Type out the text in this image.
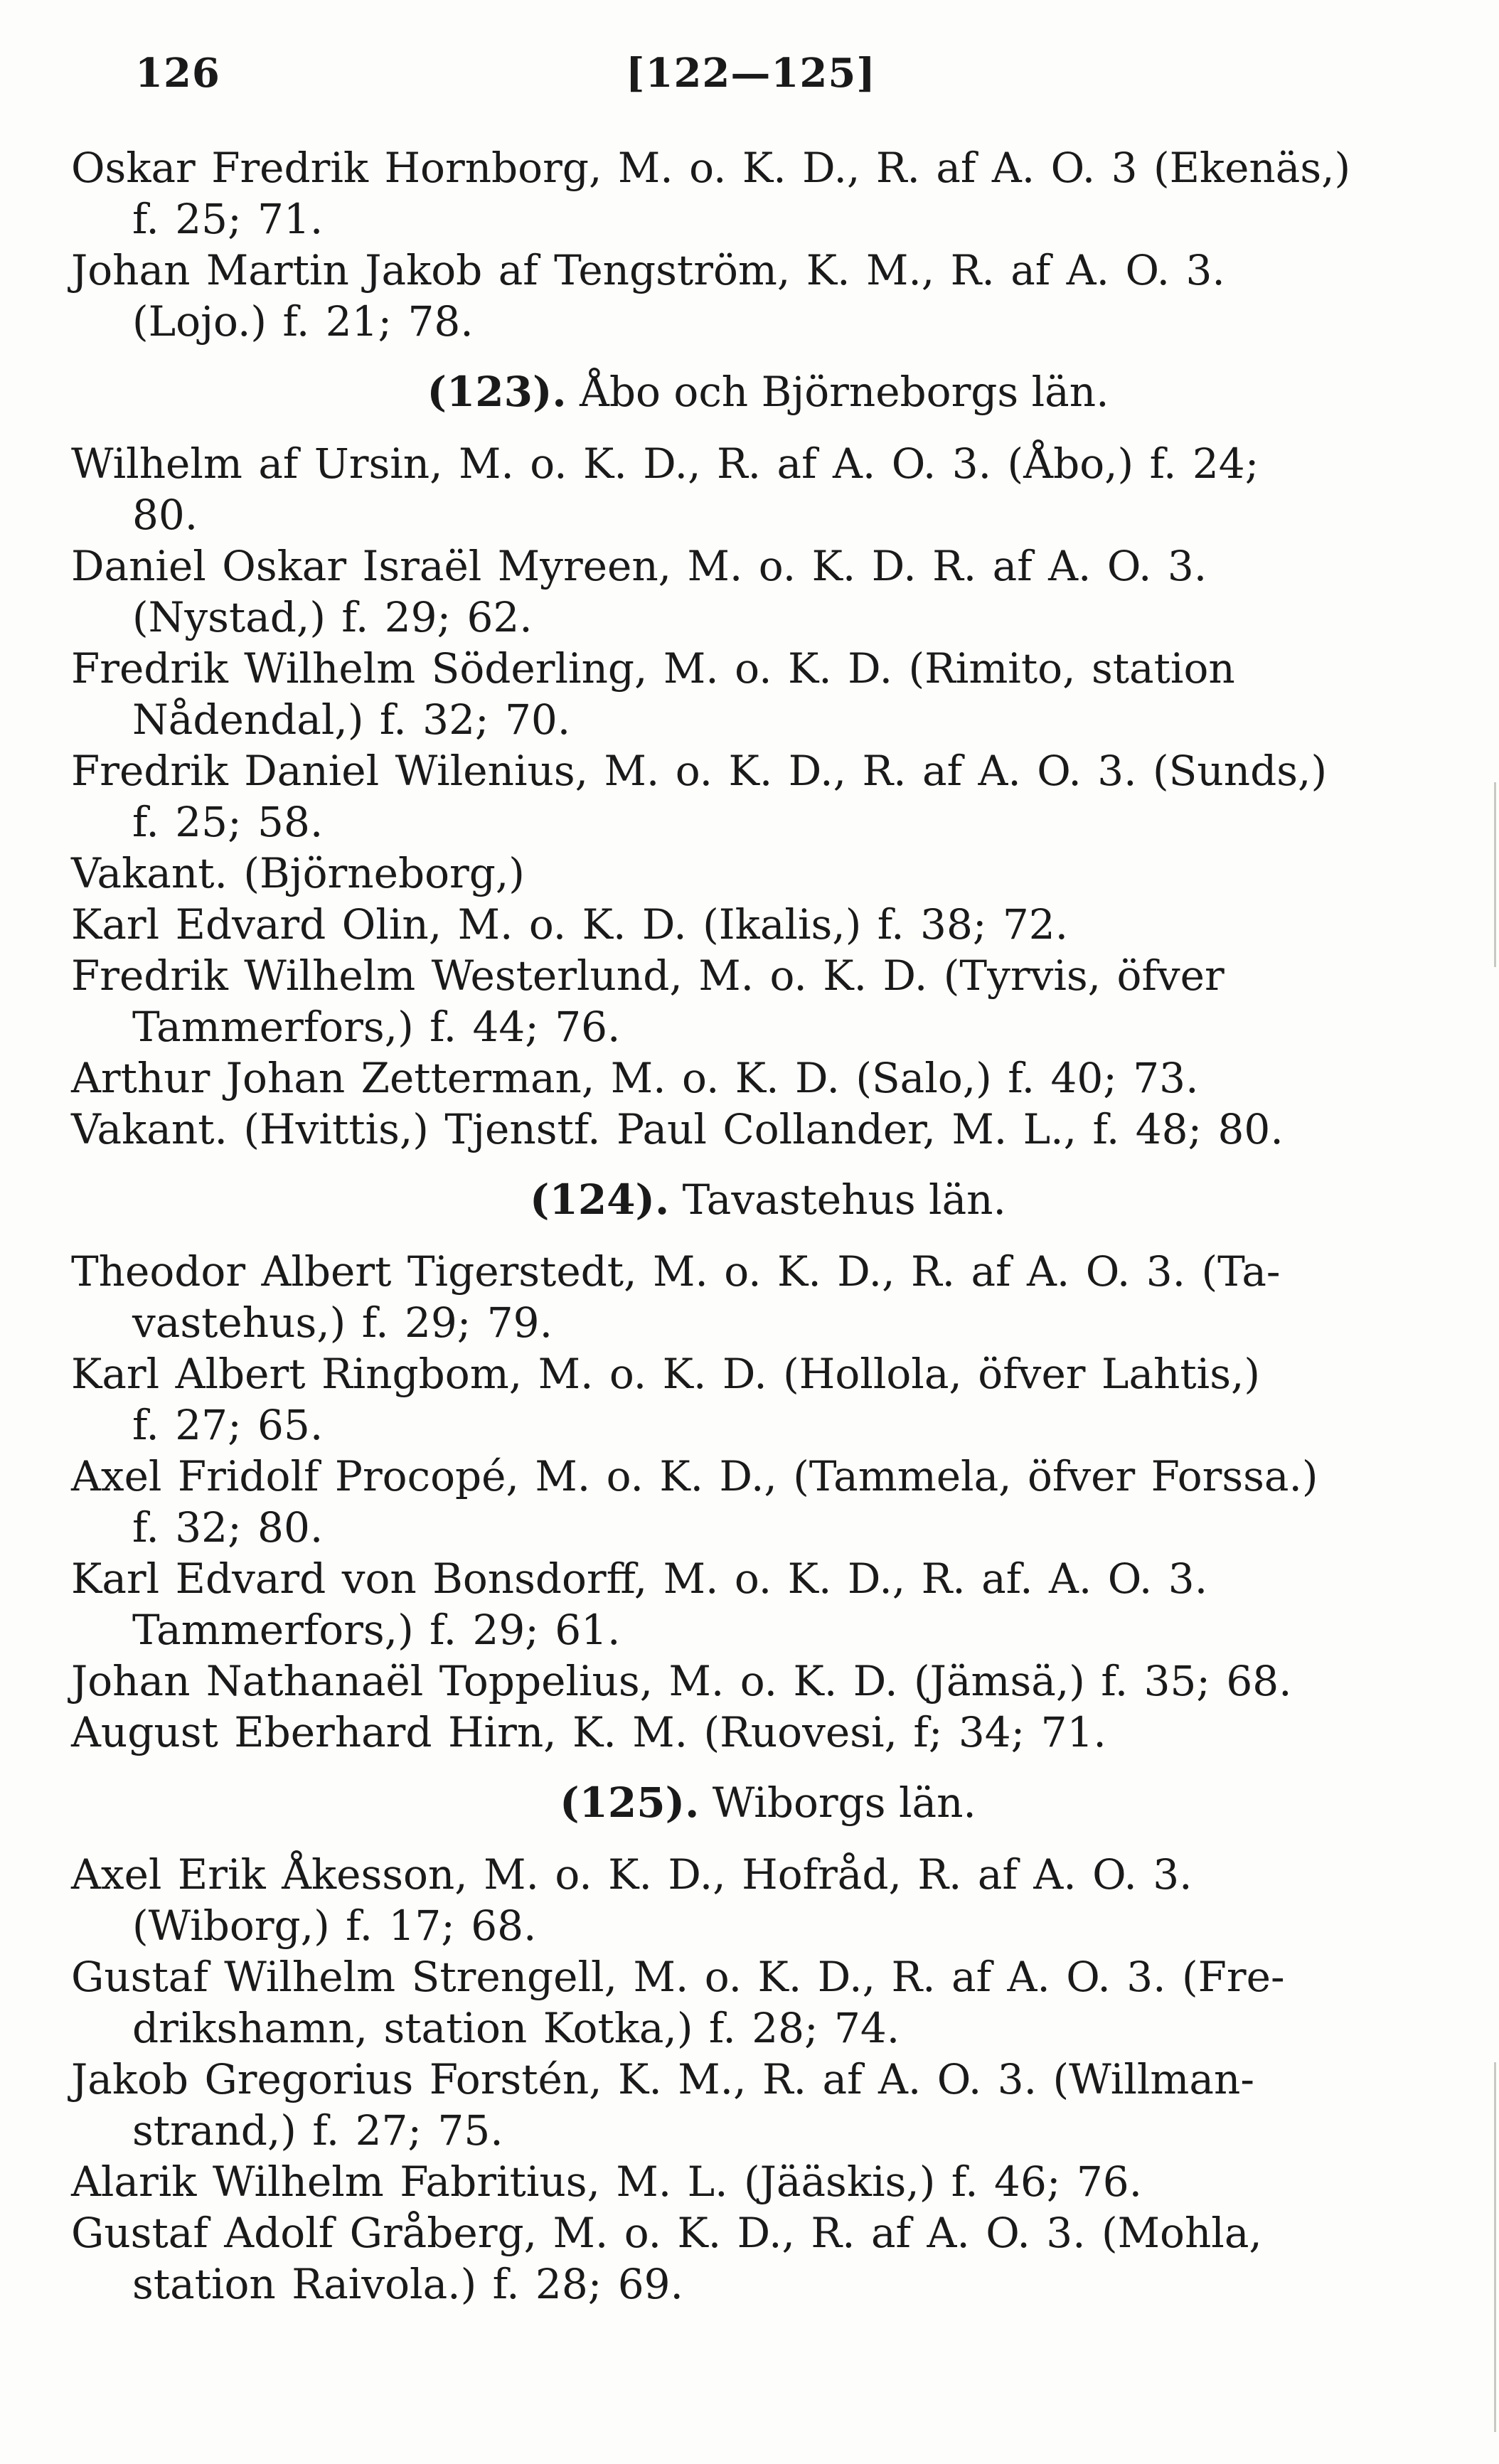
126	[122—125]
Oskar Fredrik Hornborg, M. o. K. D., R. af A. O. 3 (Ekenäs,)
f. 25; 71.
Johan Martin Jakob af Tengström, K. M., R. af A. O. 3.
(Lojo.) f. 21; 78.
(123). Åbo och Björneborgs län.
Wilhelm af Ursin, M. o. K. D., R. af A. O. 3. (Åbo,) f. 24;
80.
Daniel Oskar Israël Myreen, M. o. K. D. R. af A. O. 3.
(Nystad,) f. 29; 62.
Fredrik Wilhelm Söderling, M. o. K. D. (Rimito, station
Nådendal,) f. 32; 70.
Fredrik Daniel Wilenius, M. o. K. D., R. af A. O. 3. (Sunds,)
f. 25; 58.
Vakant. (Björneborg,)
Karl Edvard Olin, M. o. K. D. (Ikalis,) f. 38; 72.
Fredrik Wilhelm Westerlund, M. o. K. D. (Tyrvis, öfver
Tammerfors,) f. 44; 76.
Arthur Johan Zetterman, M. o. K. D. (Salo,) f. 40; 73.
Vakant. (Hvittis,) Tjenstf. Paul Collander, M. L., f. 48; 80.
(124). Tavastehus län.
Theodor Albert Tigerstedt, M. o. K. D., R. af A. O. 3. (Ta-
vastehus,) f. 29; 79.
Karl Albert Ringbom, M. o. K. D. (Hollola, öfver Lahtis,)
f. 27; 65.
Axel Fridolf Procopé, M. o. K. D., (Tammela, öfver Forssa.)
f. 32; 80.
Karl Edvard von Bonsdorff, M. o. K. D., R. af. A. O. 3.
Tammerfors,) f. 29; 61.
Johan Nathanaël Toppelius, M. o. K. D. (Jämsä,) f. 35; 68.
August Eberhard Hirn, K. M. (Ruovesi, f; 34; 71.
(125). Wiborgs län.
Axel Erik Åkesson, M. o. K. D., Hofråd, R. af A. O. 3.
(Wiborg,) f. 17; 68.
Gustaf Wilhelm Strengell, M. o. K. D., R. af A. O. 3. (Fre-
drikshamn, station Kotka,) f. 28; 74.
Jakob Gregorius Forstén, K. M., R. af A. O. 3. (Willman-
strand,) f. 27; 75.
Alarik Wilhelm Fabritius, M. L. (Jääskis,) f. 46; 76.
Gustaf Adolf Gråberg, M. o. K. D., R. af A. O. 3. (Mohla,
station Raivola.) f. 28; 69.
